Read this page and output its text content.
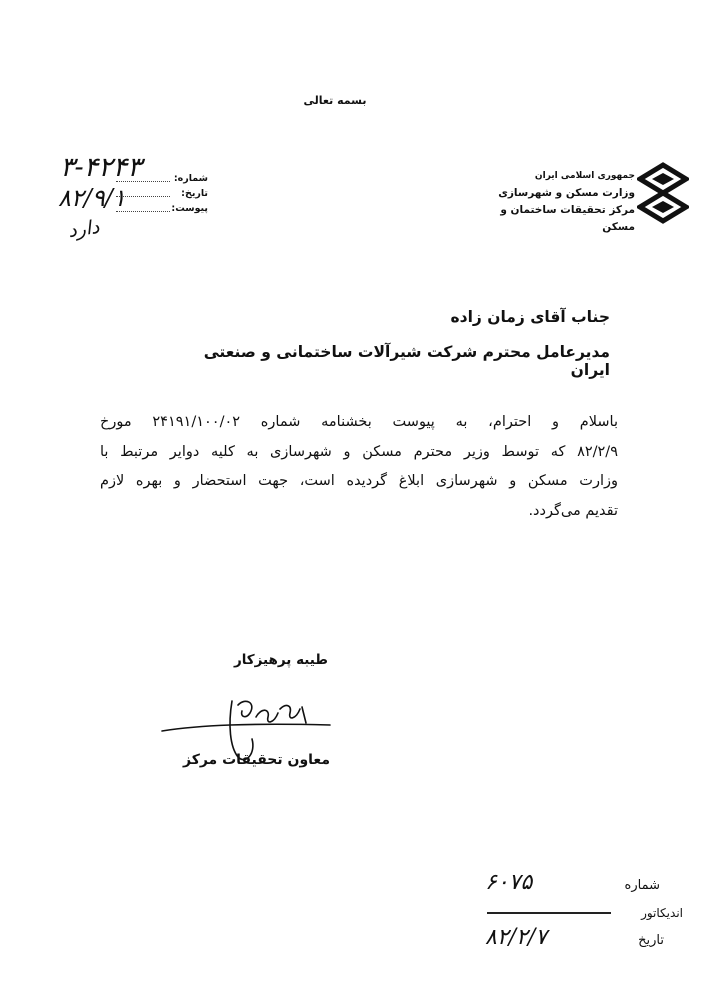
بسمه تعالی
جمهوری اسلامی ایران
وزارت مسکن و شهرسازی
مرکز تحقیقات ساختمان و مسکن
شماره:
تاریخ:
پیوست:
۳-۴۲۴۳
۸۲/۹/۱
دارد
جناب آقای زمان زاده
مدیرعامل محترم شرکت شیرآلات ساختمانی و صنعتی ایران
باسلام و احترام، به پیوست بخشنامه شماره ۲۴۱۹۱/۱۰۰/۰۲ مورخ
۸۲/۲/۹ که توسط وزیر محترم مسکن و شهرسازی به کلیه دوایر مرتبط با
وزارت مسکن و شهرسازی ابلاغ گردیده است، جهت استحضار و بهره لازم
تقدیم می‌گردد.
طیبه پرهیزکار
معاون تحقیقات مرکز
شماره
۶۰۷۵
اندیکاتور
تاریخ
۸۲/۲/۷
